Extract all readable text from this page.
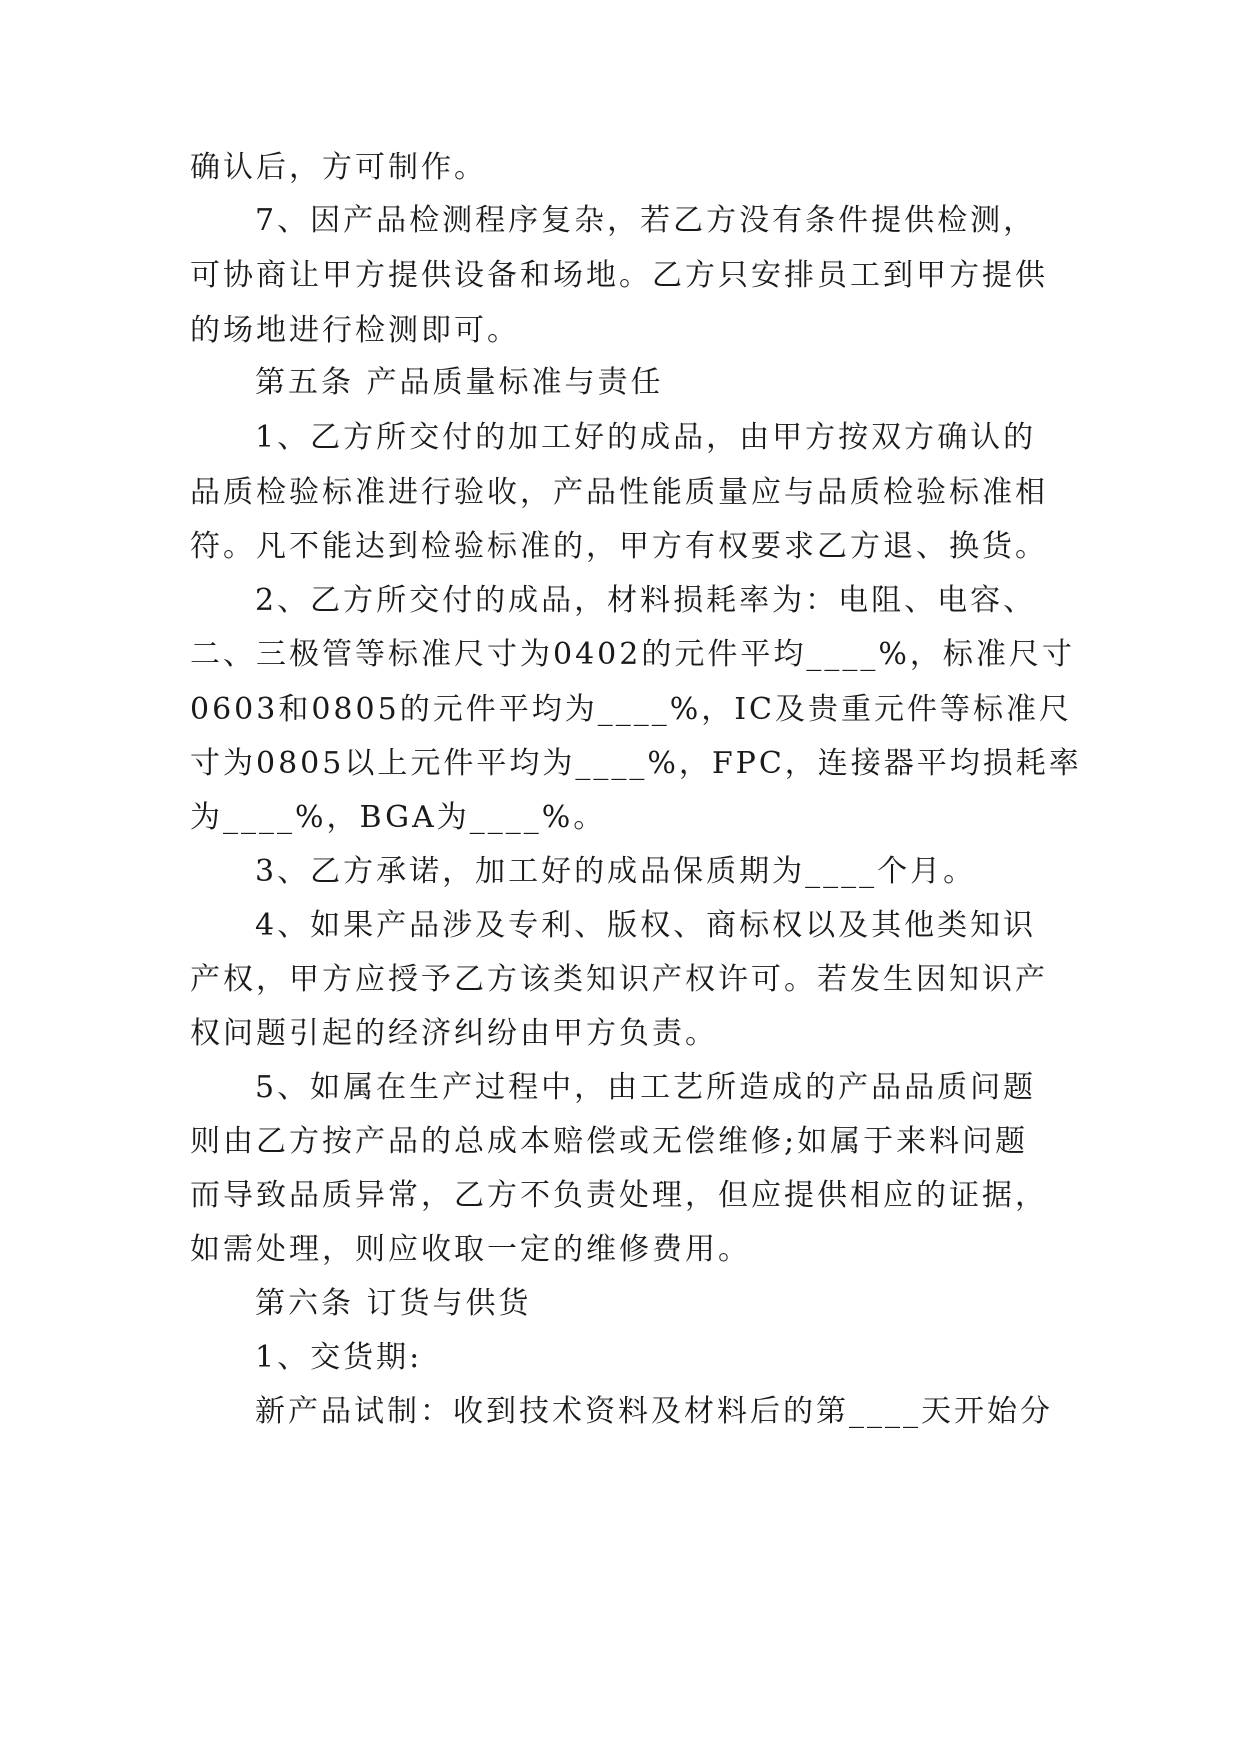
确认后，方可制作。
7、因产品检测程序复杂，若乙方没有条件提供检测，
可协商让甲方提供设备和场地。乙方只安排员工到甲方提供
的场地进行检测即可。
第五条 产品质量标准与责任
1、乙方所交付的加工好的成品，由甲方按双方确认的
品质检验标准进行验收，产品性能质量应与品质检验标准相
符。凡不能达到检验标准的，甲方有权要求乙方退、换货。
2、乙方所交付的成品，材料损耗率为：电阻、电容、
二、三极管等标准尺寸为0402的元件平均____%，标准尺寸
0603和0805的元件平均为____%，IC及贵重元件等标准尺
寸为0805以上元件平均为____%，FPC，连接器平均损耗率
为____%，BGA为____%。
3、乙方承诺，加工好的成品保质期为____个月。
4、如果产品涉及专利、版权、商标权以及其他类知识
产权，甲方应授予乙方该类知识产权许可。若发生因知识产
权问题引起的经济纠纷由甲方负责。
5、如属在生产过程中，由工艺所造成的产品品质问题
则由乙方按产品的总成本赔偿或无偿维修;如属于来料问题
而导致品质异常，乙方不负责处理，但应提供相应的证据，
如需处理，则应收取一定的维修费用。
第六条 订货与供货
1、交货期:
新产品试制：收到技术资料及材料后的第____天开始分
